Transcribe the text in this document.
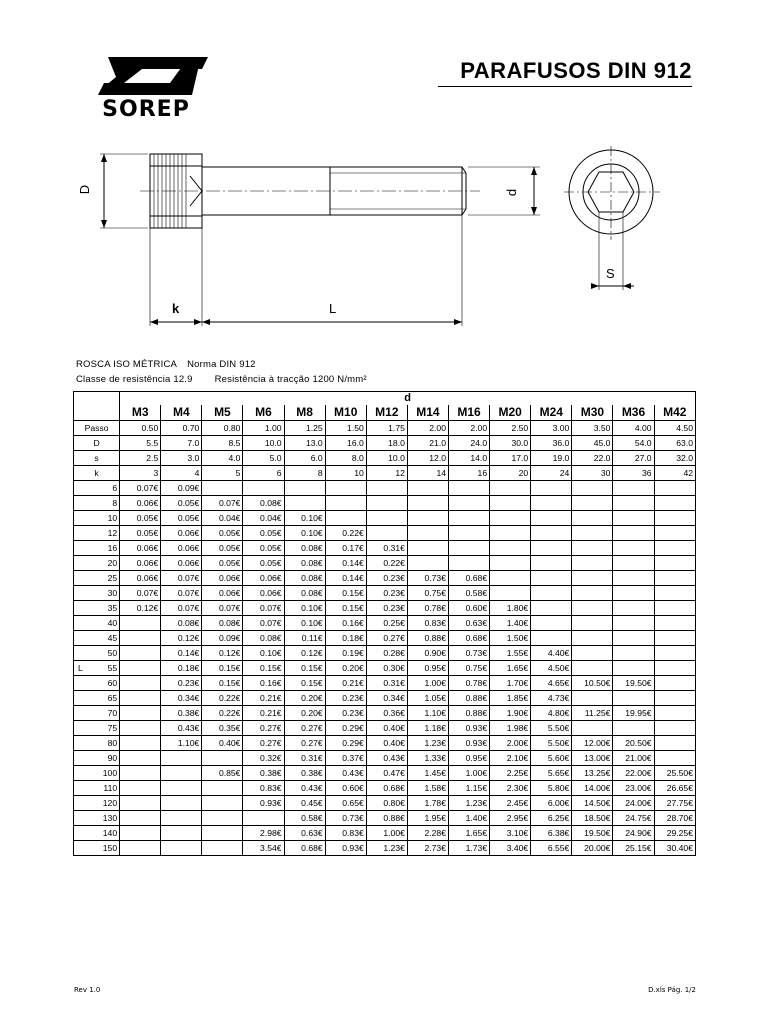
SOREP
PARAFUSOS DIN 912
D	d
k	L
S
ROSCA ISO MÉTRICA Norma DIN 912
Classe de resistência 12.9 Resistência à tracção 1200 N/mm²
		d													
		M3	M4	M5	M6	M8	M10	M12	M14	M16	M20	M24	M30	M36	M42
Passo		0.50	0.70	0.80	1.00	1.25	1.50	1.75	2.00	2.00	2.50	3.00	3.50	4.00	4.50
D		5.5	7.0	8.5	10.0	13.0	16.0	18.0	21.0	24.0	30.0	36.0	45.0	54.0	63.0
s		2.5	3.0	4.0	5.0	6.0	8.0	10.0	12.0	14.0	17.0	19.0	22.0	27.0	32.0
k		3	4	5	6	8	10	12	14	16	20	24	30	36	42
	6	0.07€	0.09€												
	8	0.06€	0.05€	0.07€	0.08€										
	10	0.05€	0.05€	0.04€	0.04€	0.10€									
	12	0.05€	0.06€	0.05€	0.05€	0.10€	0.22€								
	16	0.06€	0.06€	0.05€	0.05€	0.08€	0.17€	0.31€							
	20	0.06€	0.06€	0.05€	0.05€	0.08€	0.14€	0.22€							
	25	0.06€	0.07€	0.06€	0.06€	0.08€	0.14€	0.23€	0.73€	0.68€					
	30	0.07€	0.07€	0.06€	0.06€	0.08€	0.15€	0.23€	0.75€	0.58€					
	35	0.12€	0.07€	0.07€	0.07€	0.10€	0.15€	0.23€	0.78€	0.60€	1.80€				
	40		0.08€	0.08€	0.07€	0.10€	0.16€	0.25€	0.83€	0.63€	1.40€				
	45		0.12€	0.09€	0.08€	0.11€	0.18€	0.27€	0.88€	0.68€	1.50€				
	50		0.14€	0.12€	0.10€	0.12€	0.19€	0.28€	0.90€	0.73€	1.55€	4.40€			
L	55		0.18€	0.15€	0.15€	0.15€	0.20€	0.30€	0.95€	0.75€	1.65€	4.50€			
	60		0.23€	0.15€	0.16€	0.15€	0.21€	0.31€	1.00€	0.78€	1.70€	4.65€	10.50€	19.50€	
	65		0.34€	0.22€	0.21€	0.20€	0.23€	0.34€	1.05€	0.88€	1.85€	4.73€			
	70		0.38€	0.22€	0.21€	0.20€	0.23€	0.36€	1.10€	0.88€	1.90€	4.80€	11.25€	19.95€	
	75		0.43€	0.35€	0.27€	0.27€	0.29€	0.40€	1.18€	0.93€	1.98€	5.50€			
	80		1.10€	0.40€	0.27€	0.27€	0.29€	0.40€	1.23€	0.93€	2.00€	5.50€	12.00€	20.50€	
	90				0.32€	0.31€	0.37€	0.43€	1.33€	0.95€	2.10€	5.60€	13.00€	21.00€	
	100			0.85€	0.38€	0.38€	0.43€	0.47€	1.45€	1.00€	2.25€	5.65€	13.25€	22.00€	25.50€
	110				0.83€	0.43€	0.60€	0.68€	1.58€	1.15€	2.30€	5.80€	14.00€	23.00€	26.65€
	120				0.93€	0.45€	0.65€	0.80€	1.78€	1.23€	2.45€	6.00€	14.50€	24.00€	27.75€
	130					0.58€	0.73€	0.88€	1.95€	1.40€	2.95€	6.25€	18.50€	24.75€	28.70€
	140				2.98€	0.63€	0.83€	1.00€	2.28€	1.65€	3.10€	6.38€	19.50€	24.90€	29.25€
	150				3.54€	0.68€	0.93€	1.23€	2.73€	1.73€	3.40€	6.55€	20.00€	25.15€	30.40€
Rev 1.0	D.xls Pág. 1/2
